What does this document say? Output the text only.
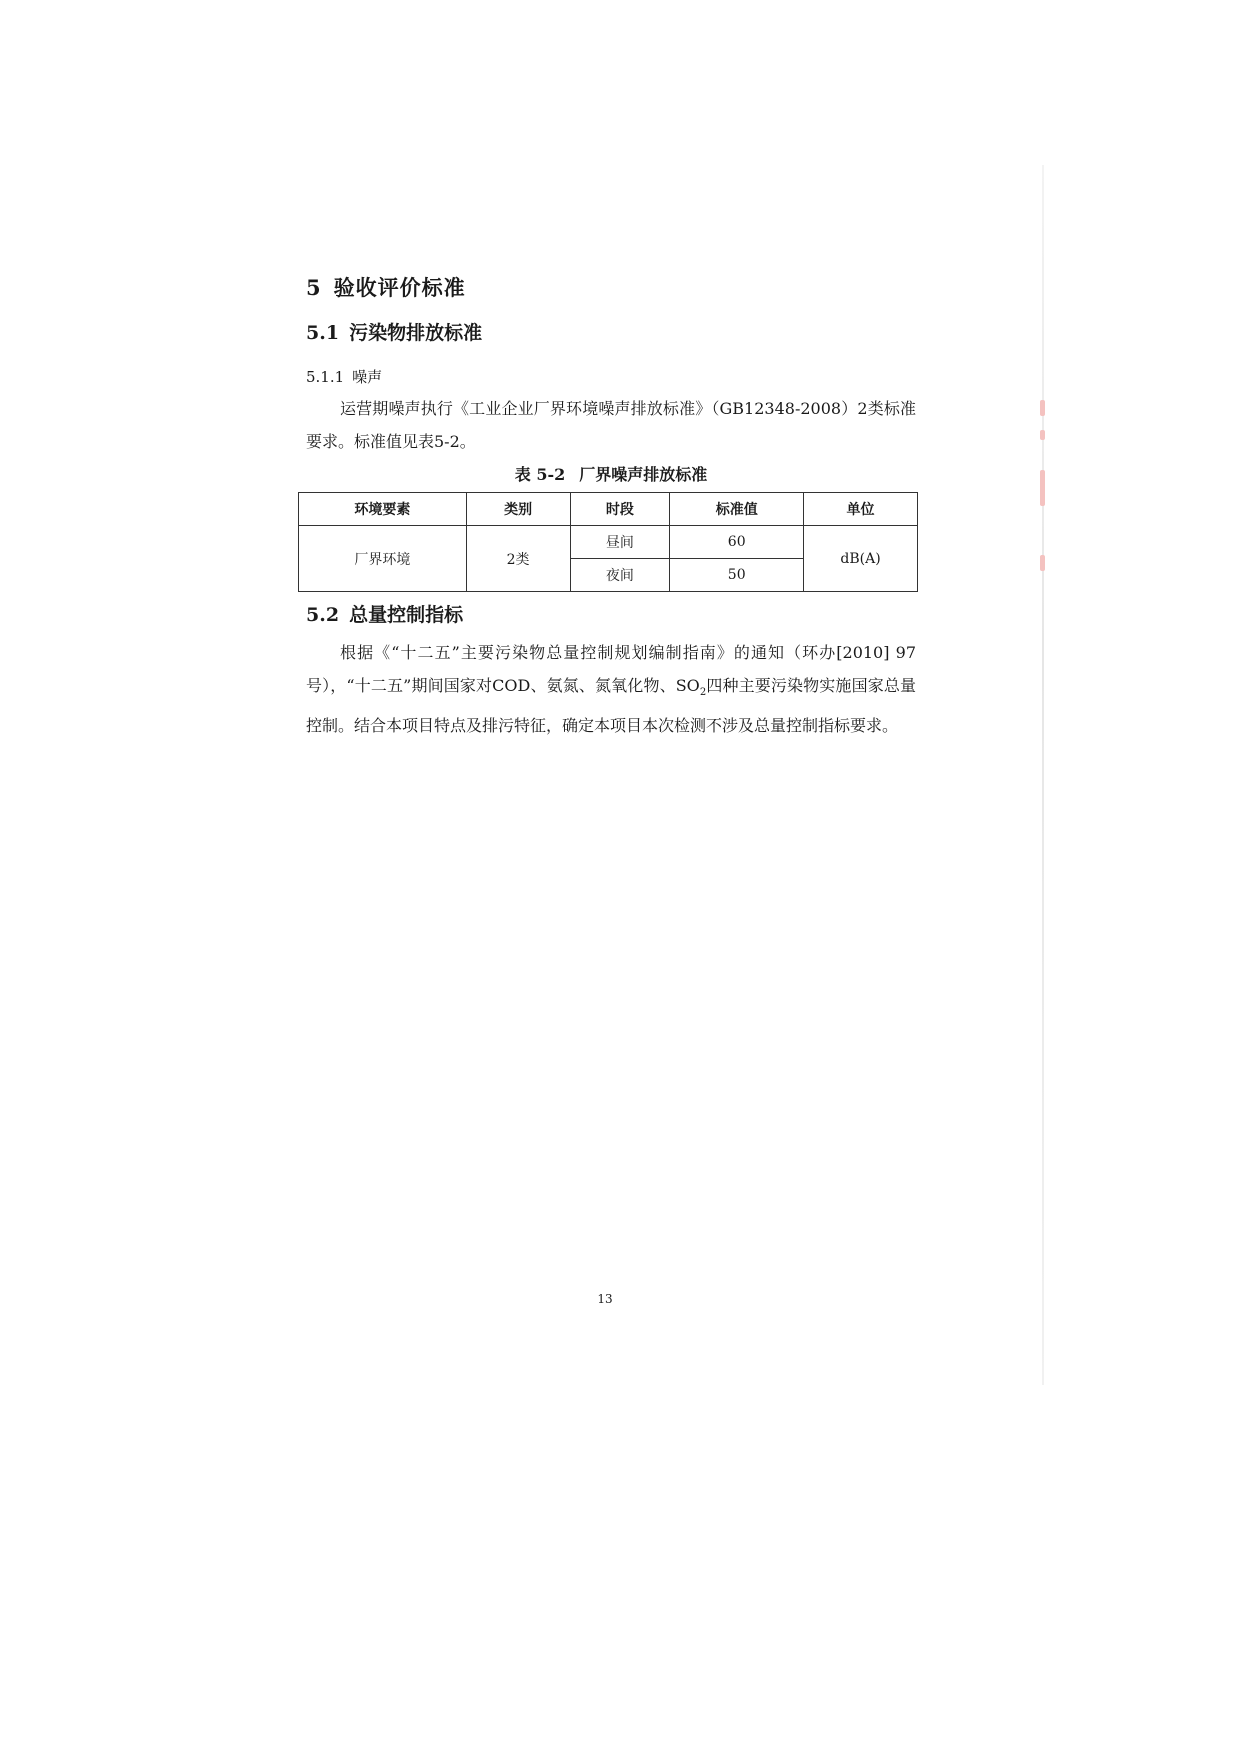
5 验收评价标准
5.1 污染物排放标准
5.1.1 噪声

运营期噪声执行《工业企业厂界环境噪声排放标准》（GB12348-2008）2类标准要求。标准值见表5-2。

表 5-2 厂界噪声排放标准
环境要素	类别	时段	标准值	单位
厂界环境	2类	昼间	60	dB(A)
		夜间	50	
5.2 总量控制指标

根据《“十二五”主要污染物总量控制规划编制指南》的通知（环办[2010] 97号），“十二五”期间国家对COD、氨氮、氮氧化物、$SO_2$四种主要污染物实施国家总量控制。结合本项目特点及排污特征，确定本项目本次检测不涉及总量控制指标要求。

13
